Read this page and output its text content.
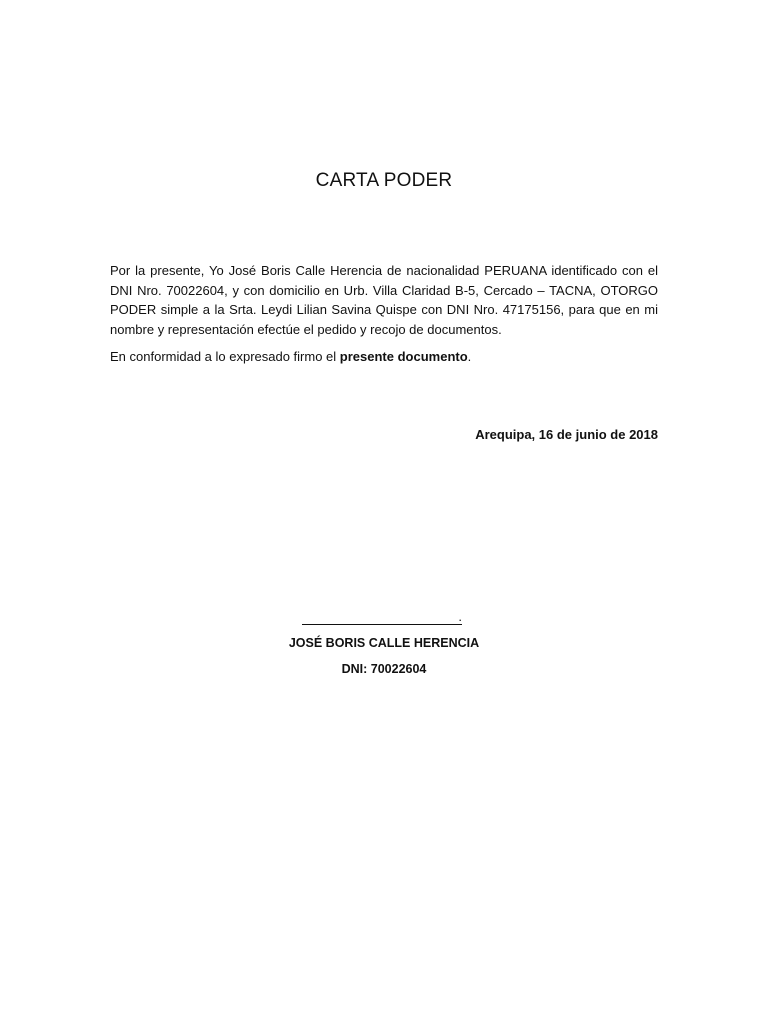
CARTA PODER
Por la presente, Yo José Boris Calle Herencia de nacionalidad PERUANA identificado con el DNI Nro. 70022604, y con domicilio en Urb. Villa Claridad B-5, Cercado – TACNA, OTORGO PODER simple a la Srta. Leydi Lilian Savina Quispe con DNI Nro. 47175156, para que en mi nombre y representación efectúe el pedido y recojo de documentos.
En conformidad a lo expresado firmo el presente documento.
Arequipa, 16 de junio de 2018
.
JOSÉ BORIS CALLE HERENCIA
DNI: 70022604
